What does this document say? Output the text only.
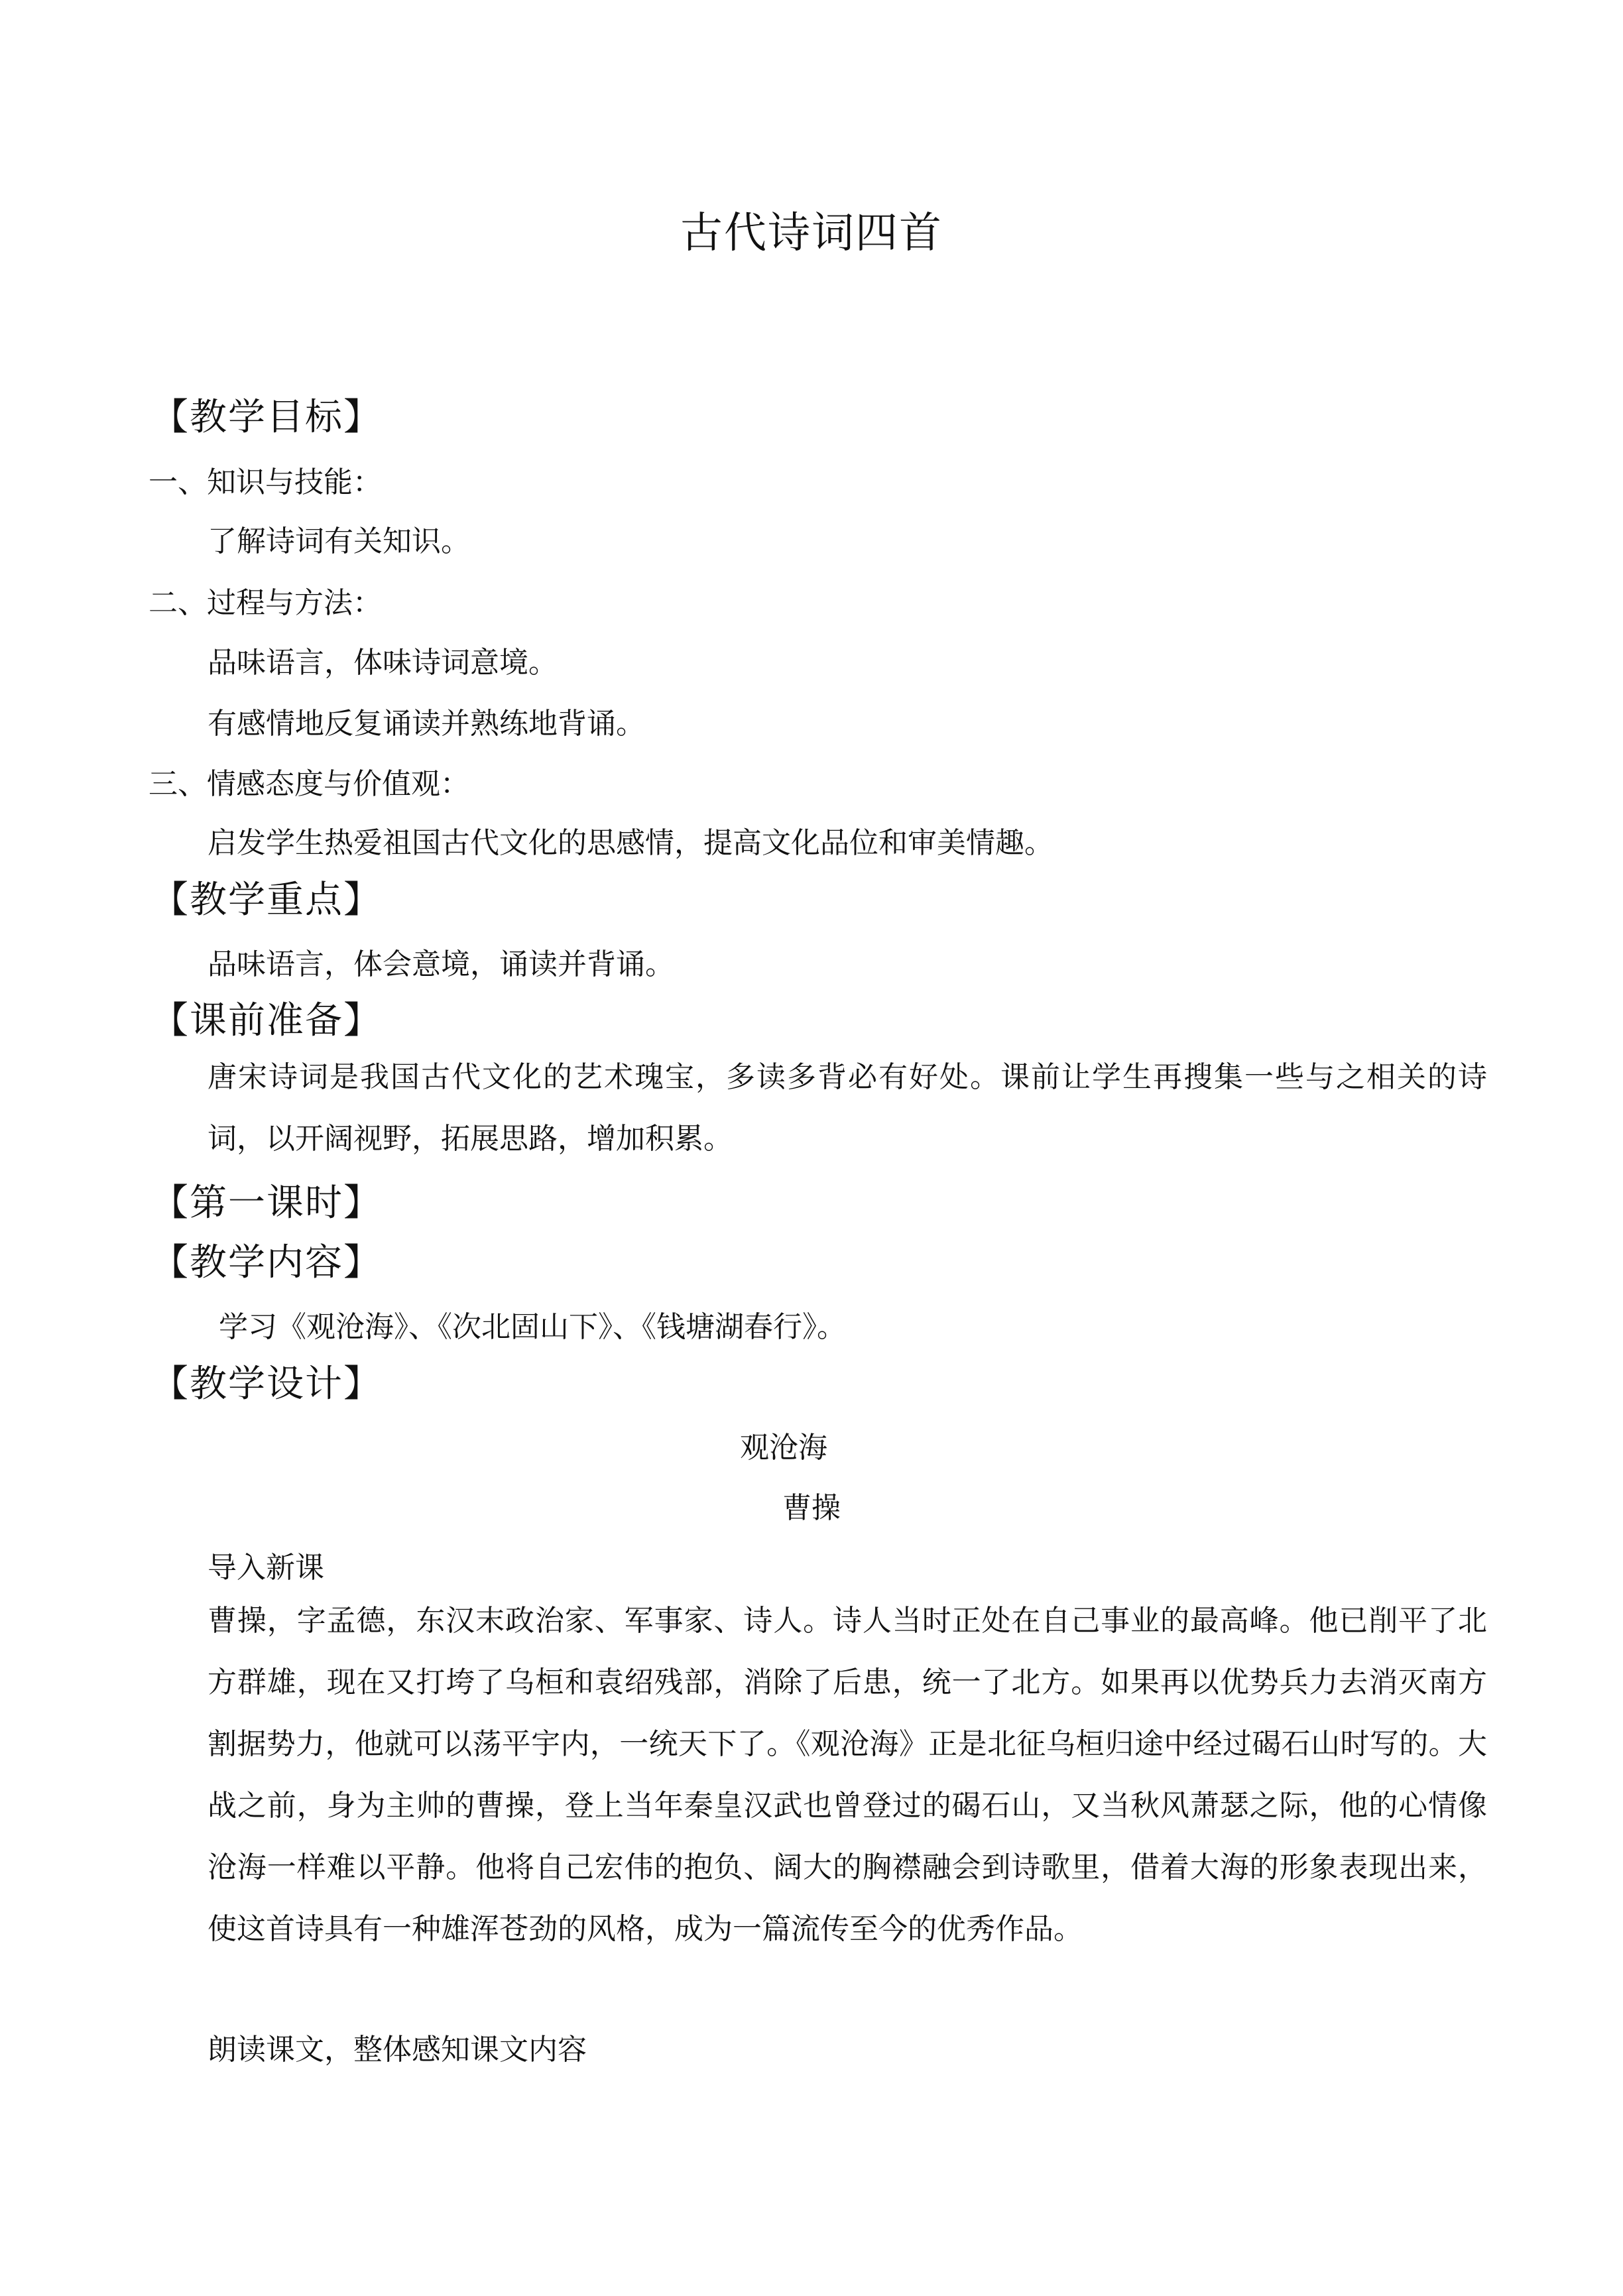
古代诗词四首
【教学目标】
一、知识与技能：
了解诗词有关知识。
二、过程与方法：
品味语言，体味诗词意境。
有感情地反复诵读并熟练地背诵。
三、情感态度与价值观：
启发学生热爱祖国古代文化的思感情，提高文化品位和审美情趣。
【教学重点】
品味语言，体会意境，诵读并背诵。
【课前准备】
唐宋诗词是我国古代文化的艺术瑰宝，多读多背必有好处。课前让学生再搜集一些与之相关的诗词，以开阔视野，拓展思路，增加积累。
【第一课时】
【教学内容】
学习《观沧海》、《次北固山下》、《钱塘湖春行》。
【教学设计】
观沧海
曹操
导入新课
曹操，字孟德，东汉末政治家、军事家、诗人。诗人当时正处在自己事业的最高峰。他已削平了北方群雄，现在又打垮了乌桓和袁绍残部，消除了后患，统一了北方。如果再以优势兵力去消灭南方割据势力，他就可以荡平宇内，一统天下了。《观沧海》正是北征乌桓归途中经过碣石山时写的。大战之前，身为主帅的曹操，登上当年秦皇汉武也曾登过的碣石山，又当秋风萧瑟之际，他的心情像沧海一样难以平静。他将自己宏伟的抱负、阔大的胸襟融会到诗歌里，借着大海的形象表现出来，使这首诗具有一种雄浑苍劲的风格，成为一篇流传至今的优秀作品。
朗读课文，整体感知课文内容
